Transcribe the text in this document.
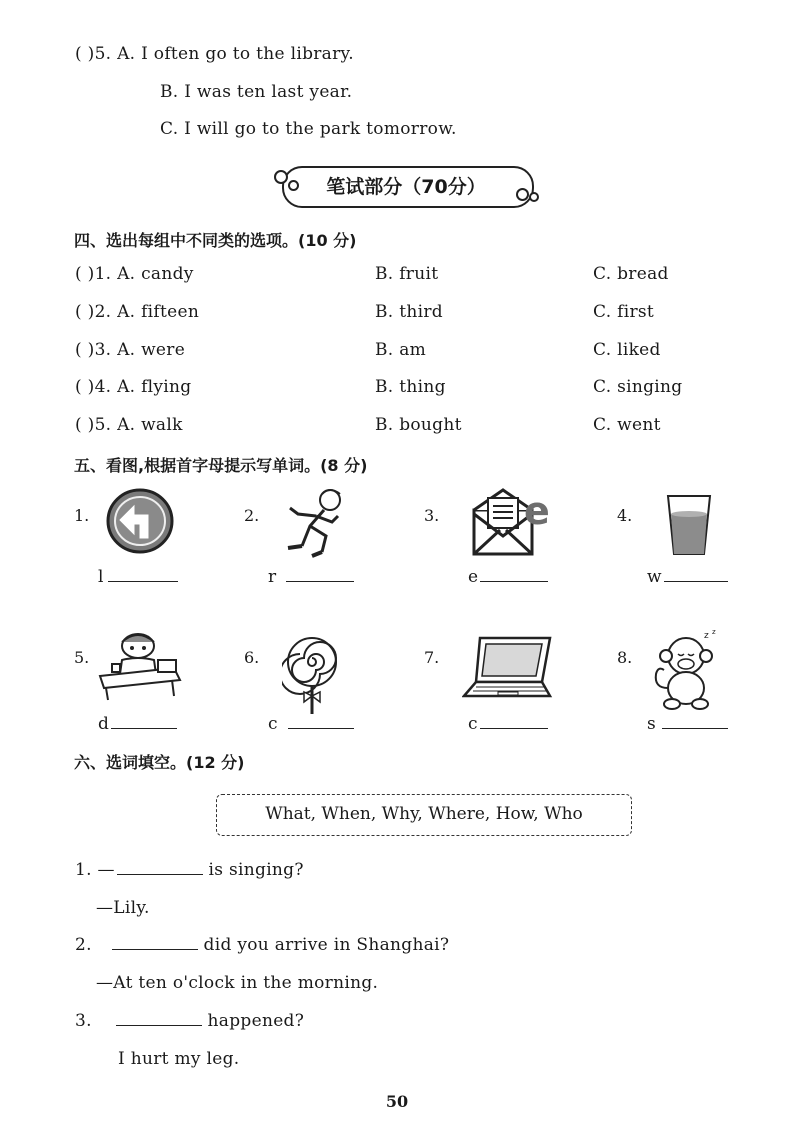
( )5. A. I often go to the library.
B. I was ten last year.
C. I will go to the park tomorrow.
笔试部分（70分）
四、选出每组中不同类的选项。(10 分)
( )1. A. candy	B. fruit	C. bread
( )2. A. fifteen	B. third	C. first
( )3. A. were	B. am	C. liked
( )4. A. flying	B. thing	C. singing
( )5. A. walk	B. bought	C. went
五、看图,根据首字母提示写单词。(8 分)
1.
l
2.
r
3. e
e
4.
w
5.
d
6.
c
7.
c
8.
z z
s
六、选词填空。(12 分)
What, When, Why, Where, How, Who
1. —	is singing?
—Lily.
2.	did you arrive in Shanghai?
—At ten o'clock in the morning.
3.	happened?
I hurt my leg.
50
